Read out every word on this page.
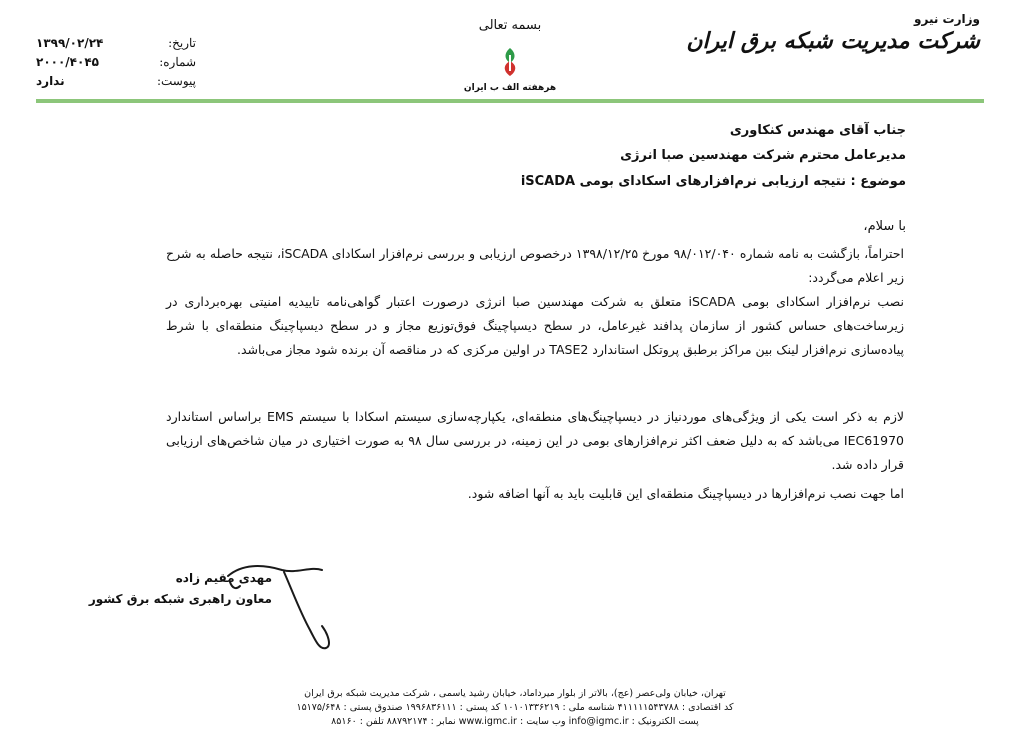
وزارت نیرو
شرکت مدیریت شبکه برق ایران
بسمه تعالی
هرهفته الف ب ایران
تاریخ:
۱۳۹۹/۰۲/۲۴
شماره:
۲۰۰۰/۴۰۴۵
پیوست:
ندارد
جناب آقای مهندس کنکاوری
مدیرعامل محترم شرکت مهندسین صبا انرژی
موضوع : نتیجه ارزیابی نرم‌افزارهای اسکادای بومی iSCADA
با سلام،
احتراماً، بازگشت به نامه شماره ۹۸/۰۱۲/۰۴۰ مورخ ۱۳۹۸/۱۲/۲۵ درخصوص ارزیابی و بررسی نرم‌افزار اسکادای iSCADA، نتیجه حاصله به شرح زیر اعلام می‌گردد:
نصب نرم‌افزار اسکادای بومی iSCADA متعلق به شرکت مهندسین صبا انرژی درصورت اعتبار گواهی‌نامه تاییدیه امنیتی بهره‌برداری در زیرساخت‌های حساس کشور از سازمان پدافند غیرعامل، در سطح دیسپاچینگ فوق‌توزیع مجاز و در سطح دیسپاچینگ منطقه‌ای با شرط پیاده‌سازی نرم‌افزار لینک بین مراکز برطبق پروتکل استاندارد TASE2 در اولین مرکزی که در مناقصه آن برنده شود مجاز می‌باشد.
لازم به ذکر است یکی از ویژگی‌های موردنیاز در دیسپاچینگ‌های منطقه‌ای، یکپارچه‌سازی سیستم اسکادا با سیستم EMS براساس استاندارد IEC61970 می‌باشد که به دلیل ضعف اکثر نرم‌افزارهای بومی در این زمینه، در بررسی سال ۹۸ به صورت اختیاری در میان شاخص‌های ارزیابی قرار داده شد.
اما جهت نصب نرم‌افزارها در دیسپاچینگ منطقه‌ای این قابلیت باید به آنها اضافه شود.
مهدی مقیم زاده
معاون راهبری شبکه برق کشور
تهران، خیابان ولی‌عصر (عج)، بالاتر از بلوار میرداماد، خیابان رشید یاسمی ، شرکت مدیریت شبکه برق ایران
کد اقتصادی : ۴۱۱۱۱۱۵۴۳۷۸۸ شناسه ملی : ۱۰۱۰۱۳۳۶۲۱۹ کد پستی : ۱۹۹۶۸۳۶۱۱۱ صندوق پستی : ۱۵۱۷۵/۶۴۸
پست الکترونیک : info@igmc.ir وب سایت : www.igmc.ir نمابر : ۸۸۷۹۲۱۷۴ تلفن : ۸۵۱۶۰
